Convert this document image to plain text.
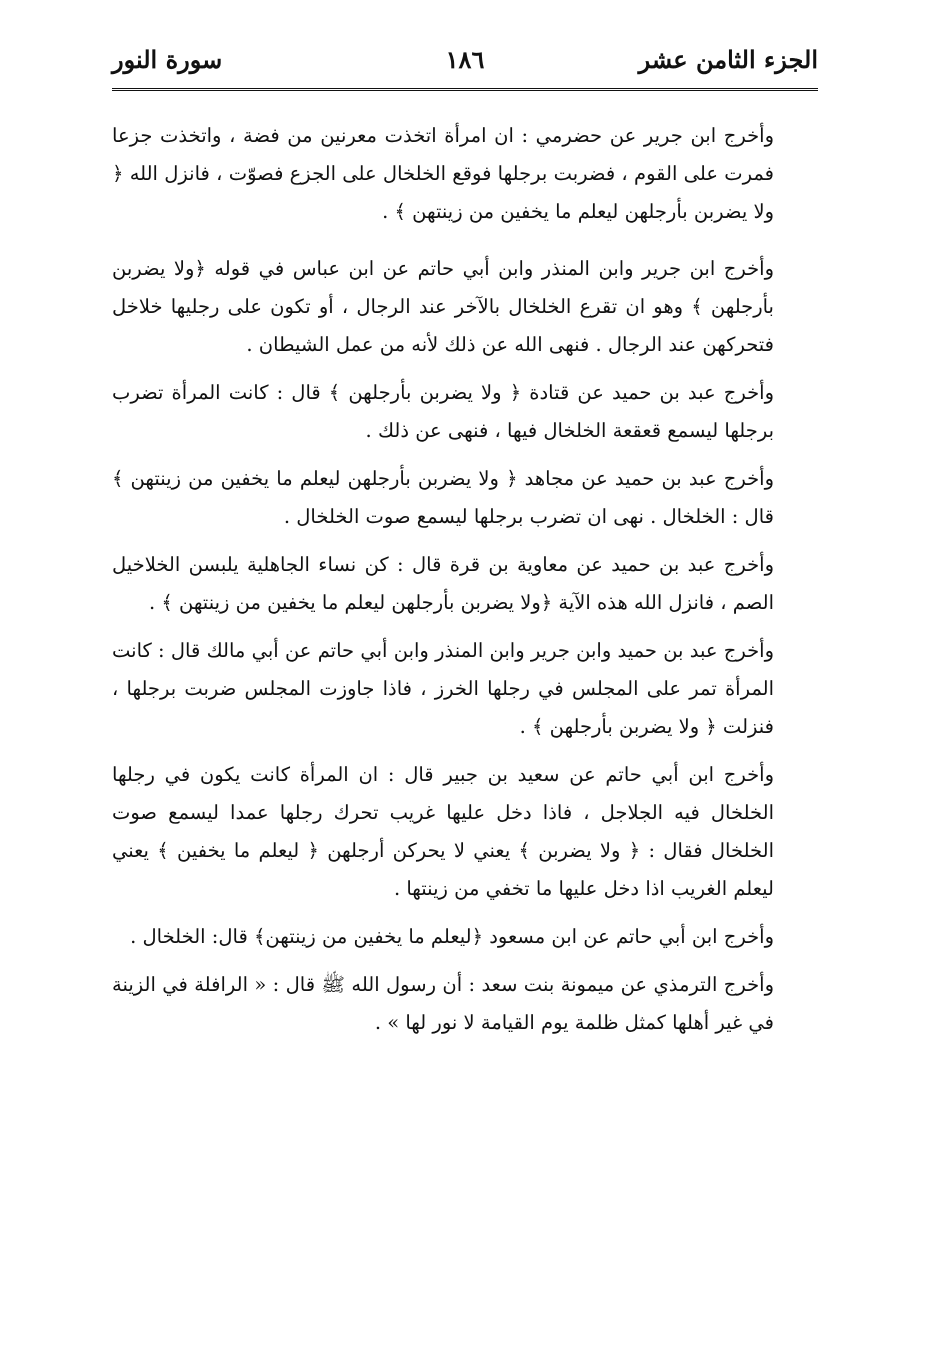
الجزء الثامن عشر
١٨٦
سورة النور

وأخرج ابن جرير عن حضرمي : ان امرأة اتخذت معرنين من فضة ، واتخذت جزعا فمرت على القوم ، فضربت برجلها فوقع الخلخال على الجزع فصوّت ، فانزل الله ﴿ ولا يضربن بأرجلهن ليعلم ما يخفين من زينتهن ﴾ .

وأخرج ابن جرير وابن المنذر وابن أبي حاتم عن ابن عباس في قوله ﴿ولا يضربن بأرجلهن ﴾ وهو ان تقرع الخلخال بالآخر عند الرجال ، أو تكون على رجليها خلاخل فتحركهن عند الرجال . فنهى الله عن ذلك لأنه من عمل الشيطان .

وأخرج عبد بن حميد عن قتادة ﴿ ولا يضربن بأرجلهن ﴾ قال : كانت المرأة تضرب برجلها ليسمع قعقعة الخلخال فيها ، فنهى عن ذلك .

وأخرج عبد بن حميد عن مجاهد ﴿ ولا يضربن بأرجلهن ليعلم ما يخفين من زينتهن ﴾ قال : الخلخال . نهى ان تضرب برجلها ليسمع صوت الخلخال .

وأخرج عبد بن حميد عن معاوية بن قرة قال : كن نساء الجاهلية يلبسن الخلاخيل الصم ، فانزل الله هذه الآية ﴿ولا يضربن بأرجلهن ليعلم ما يخفين من زينتهن ﴾ .

وأخرج عبد بن حميد وابن جرير وابن المنذر وابن أبي حاتم عن أبي مالك قال : كانت المرأة تمر على المجلس في رجلها الخرز ، فاذا جاوزت المجلس ضربت برجلها ، فنزلت ﴿ ولا يضربن بأرجلهن ﴾ .

وأخرج ابن أبي حاتم عن سعيد بن جبير قال : ان المرأة كانت يكون في رجلها الخلخال فيه الجلاجل ، فاذا دخل عليها غريب تحرك رجلها عمدا ليسمع صوت الخلخال فقال : ﴿ ولا يضربن ﴾ يعني لا يحركن أرجلهن ﴿ ليعلم ما يخفين ﴾ يعني ليعلم الغريب اذا دخل عليها ما تخفي من زينتها .

وأخرج ابن أبي حاتم عن ابن مسعود ﴿ليعلم ما يخفين من زينتهن﴾ قال: الخلخال .

وأخرج الترمذي عن ميمونة بنت سعد : أن رسول الله ﷺ قال : « الرافلة في الزينة في غير أهلها كمثل ظلمة يوم القيامة لا نور لها » .
